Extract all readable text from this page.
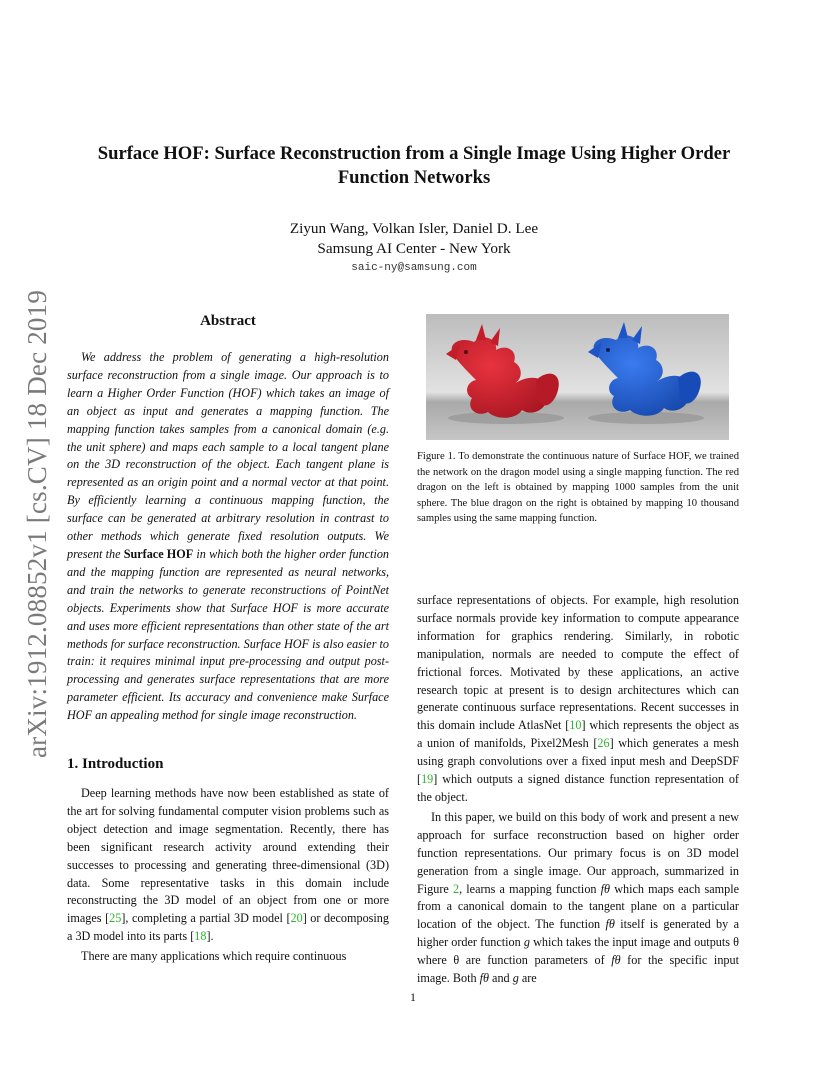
arXiv:1912.08852v1 [cs.CV] 18 Dec 2019
Surface HOF: Surface Reconstruction from a Single Image Using Higher Order
Function Networks
Ziyun Wang, Volkan Isler, Daniel D. Lee
Samsung AI Center - New York
saic-ny@samsung.com
Abstract
We address the problem of generating a high-resolution surface reconstruction from a single image. Our approach is to learn a Higher Order Function (HOF) which takes an image of an object as input and generates a mapping function. The mapping function takes samples from a canonical domain (e.g. the unit sphere) and maps each sample to a local tangent plane on the 3D reconstruction of the object. Each tangent plane is represented as an origin point and a normal vector at that point. By efficiently learning a continuous mapping function, the surface can be generated at arbitrary resolution in contrast to other methods which generate fixed resolution outputs. We present the Surface HOF in which both the higher order function and the mapping function are represented as neural networks, and train the networks to generate reconstructions of PointNet objects. Experiments show that Surface HOF is more accurate and uses more efficient representations than other state of the art methods for surface reconstruction. Surface HOF is also easier to train: it requires minimal input pre-processing and output post-processing and generates surface representations that are more parameter efficient. Its accuracy and convenience make Surface HOF an appealing method for single image reconstruction.
1. Introduction

Deep learning methods have now been established as state of the art for solving fundamental computer vision problems such as object detection and image segmentation. Recently, there has been significant research activity around extending their successes to processing and generating three-dimensional (3D) data. Some representative tasks in this domain include reconstructing the 3D model of an object from one or more images [25], completing a partial 3D model [20] or decomposing a 3D model into its parts [18].

There are many applications which require continuous

Figure 1. To demonstrate the continuous nature of Surface HOF, we trained the network on the dragon model using a single mapping function. The red dragon on the left is obtained by mapping 1000 samples from the unit sphere. The blue dragon on the right is obtained by mapping 10 thousand samples using the same mapping function.

surface representations of objects. For example, high resolution surface normals provide key information to compute appearance information for graphics rendering. Similarly, in robotic manipulation, normals are needed to compute the effect of frictional forces. Motivated by these applications, an active research topic at present is to design architectures which can generate continuous surface representations. Recent successes in this domain include AtlasNet [10] which represents the object as a union of manifolds, Pixel2Mesh [26] which generates a mesh using graph convolutions over a fixed input mesh and DeepSDF [19] which outputs a signed distance function representation of the object.

In this paper, we build on this body of work and present a new approach for surface reconstruction based on higher order function representations. Our primary focus is on 3D model generation from a single image. Our approach, summarized in Figure 2, learns a mapping function fθ which maps each sample from a canonical domain to the tangent plane on a particular location of the object. The function fθ itself is generated by a higher order function g which takes the input image and outputs θ where θ are function parameters of fθ for the specific input image. Both fθ and g are

1
